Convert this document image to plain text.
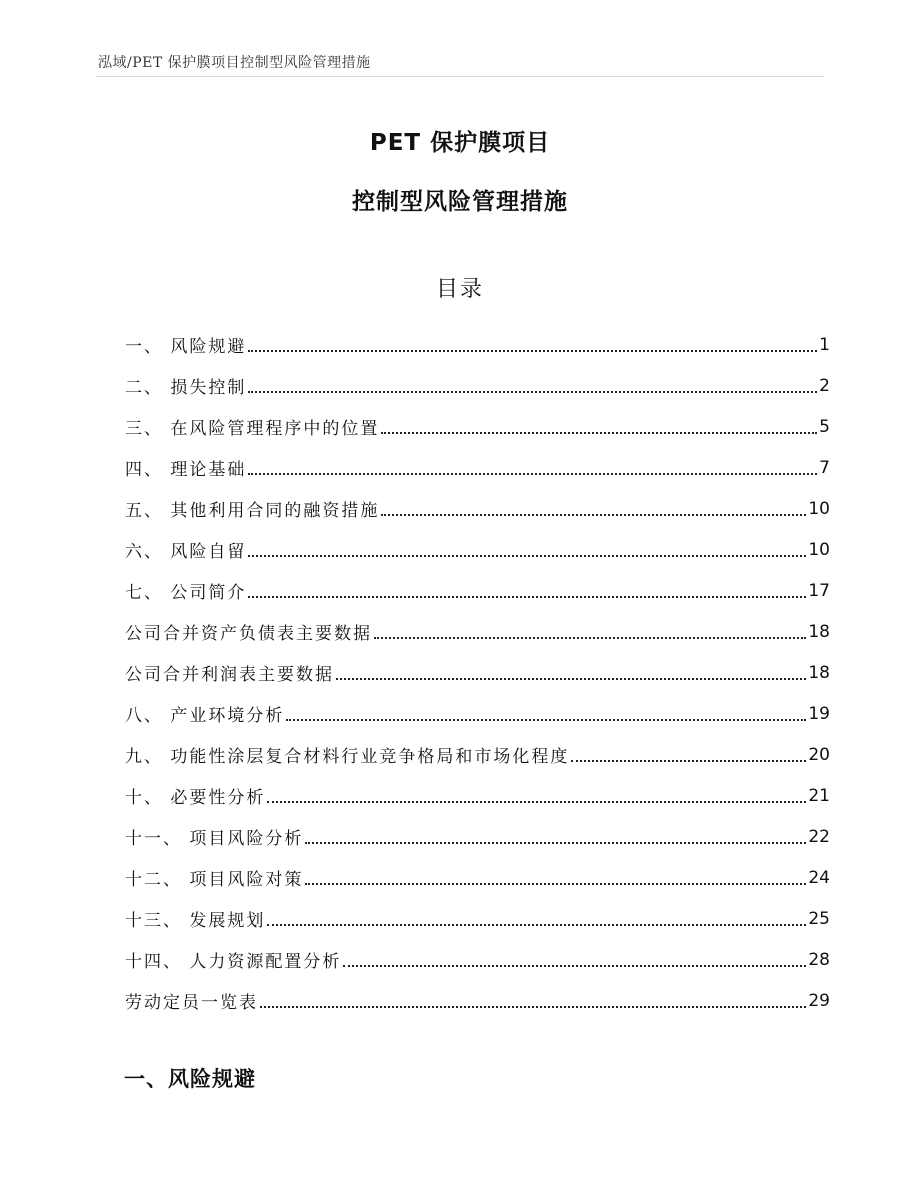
泓域/PET 保护膜项目控制型风险管理措施
PET 保护膜项目
控制型风险管理措施
目录
一、 风险规避	1
二、 损失控制	2
三、 在风险管理程序中的位置	5
四、 理论基础	7
五、 其他利用合同的融资措施	10
六、 风险自留	10
七、 公司简介	17
公司合并资产负债表主要数据	18
公司合并利润表主要数据	18
八、 产业环境分析	19
九、 功能性涂层复合材料行业竞争格局和市场化程度	20
十、 必要性分析	21
十一、 项目风险分析	22
十二、 项目风险对策	24
十三、 发展规划	25
十四、 人力资源配置分析	28
劳动定员一览表	29
一、风险规避
